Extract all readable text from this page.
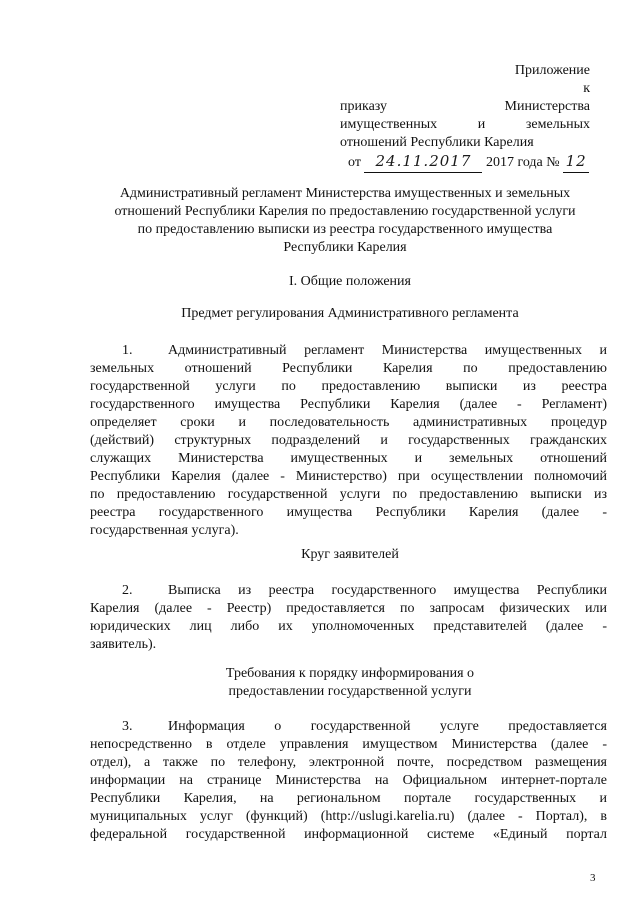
Приложение
к
приказу Министерства
имущественных и земельных
отношений Республики Карелия
от 24.11.2017 2017 года № 12
Административный регламент Министерства имущественных и земельных
отношений Республики Карелия по предоставлению государственной услуги
по предоставлению выписки из реестра государственного имущества
Республики Карелия
I. Общие положения
Предмет регулирования Административного регламента
1.	Административный регламент Министерства имущественных и
земельных отношений Республики Карелия по предоставлению
государственной услуги по предоставлению выписки из реестра
государственного имущества Республики Карелия (далее - Регламент)
определяет сроки и последовательность административных процедур
(действий) структурных подразделений и государственных гражданских
служащих Министерства имущественных и земельных отношений
Республики Карелия (далее - Министерство) при осуществлении полномочий
по предоставлению государственной услуги по предоставлению выписки из
реестра государственного имущества Республики Карелия (далее -
государственная услуга).
Круг заявителей
2.	Выписка из реестра государственного имущества Республики
Карелия (далее - Реестр) предоставляется по запросам физических или
юридических лиц либо их уполномоченных представителей (далее -
заявитель).
Требования к порядку информирования о
предоставлении государственной услуги
3.	Информация о государственной услуге предоставляется
непосредственно в отделе управления имуществом Министерства (далее -
отдел), а также по телефону, электронной почте, посредством размещения
информации на странице Министерства на Официальном интернет-портале
Республики Карелия, на региональном портале государственных и
муниципальных услуг (функций) (http://uslugi.karelia.ru) (далее - Портал), в
федеральной государственной информационной системе «Единый портал
3
